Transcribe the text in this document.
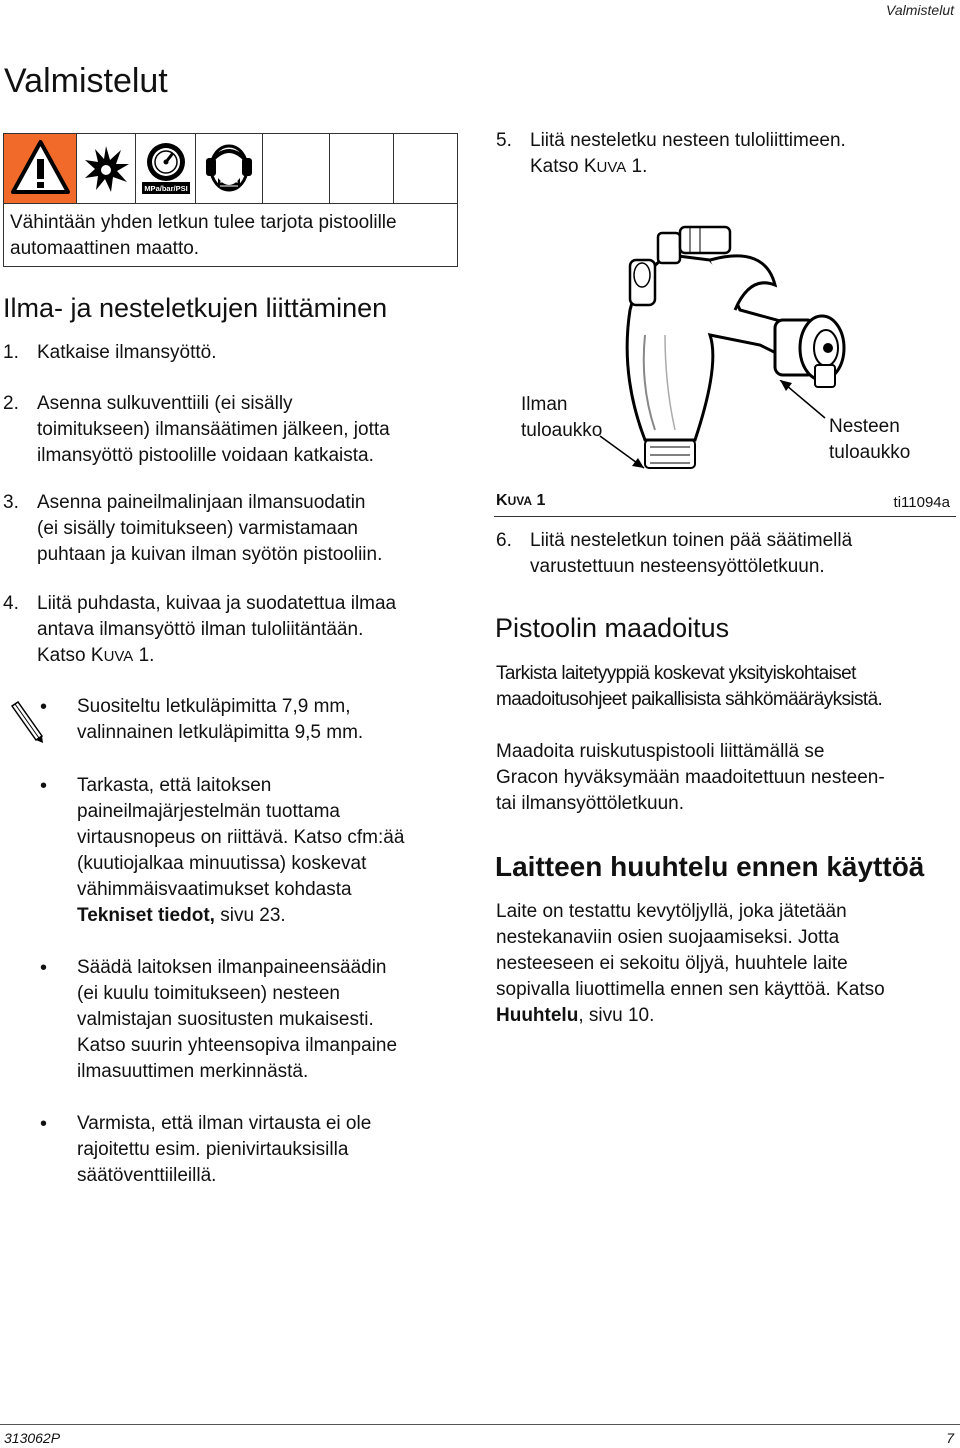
Valmistelut
Valmistelut
MPa/bar/PSI
Vähintään yhden letkun tulee tarjota pistoolille automaattinen maatto.
Ilma- ja nesteletkujen liittäminen
1. Katkaise ilmansyöttö.
2. Asenna sulkuventtiili (ei sisälly
toimitukseen) ilmansäätimen jälkeen, jotta
ilmansyöttö pistoolille voidaan katkaista.
3. Asenna paineilmalinjaan ilmansuodatin
(ei sisälly toimitukseen) varmistamaan
puhtaan ja kuivan ilman syötön pistooliin.
4. Liitä puhdasta, kuivaa ja suodatettua ilmaa
antava ilmansyöttö ilman tuloliitäntään.
Katso KUVA 1.
• Suositeltu letkuläpimitta 7,9 mm,
valinnainen letkuläpimitta 9,5 mm.
• Tarkasta, että laitoksen
paineilmajärjestelmän tuottama
virtausnopeus on riittävä. Katso cfm:ää
(kuutiojalkaa minuutissa) koskevat
vähimmäisvaatimukset kohdasta
Tekniset tiedot, sivu 23.
• Säädä laitoksen ilmanpaineensäädin
(ei kuulu toimitukseen) nesteen
valmistajan suositusten mukaisesti.
Katso suurin yhteensopiva ilmanpaine
ilmasuuttimen merkinnästä.
• Varmista, että ilman virtausta ei ole
rajoitettu esim. pienivirtauksisilla
säätöventtiileillä.
5. Liitä nesteletku nesteen tuloliittimeen.
Katso KUVA 1.
Ilman
tuloaukko	Nesteen
tuloaukko
KUVA 1	ti11094a
6. Liitä nesteletkun toinen pää säätimellä
varustettuun nesteensyöttöletkuun.
Pistoolin maadoitus
Tarkista laitetyyppiä koskevat yksityiskohtaiset
maadoitusohjeet paikallisista sähkömääräyksistä.
Maadoita ruiskutuspistooli liittämällä se
Gracon hyväksymään maadoitettuun nesteen-
tai ilmansyöttöletkuun.
Laitteen huuhtelu ennen käyttöä
Laite on testattu kevytöljyllä, joka jätetään
nestekanaviin osien suojaamiseksi. Jotta
nesteeseen ei sekoitu öljyä, huuhtele laite
sopivalla liuottimella ennen sen käyttöä. Katso
Huuhtelu, sivu 10.
313062P	7
